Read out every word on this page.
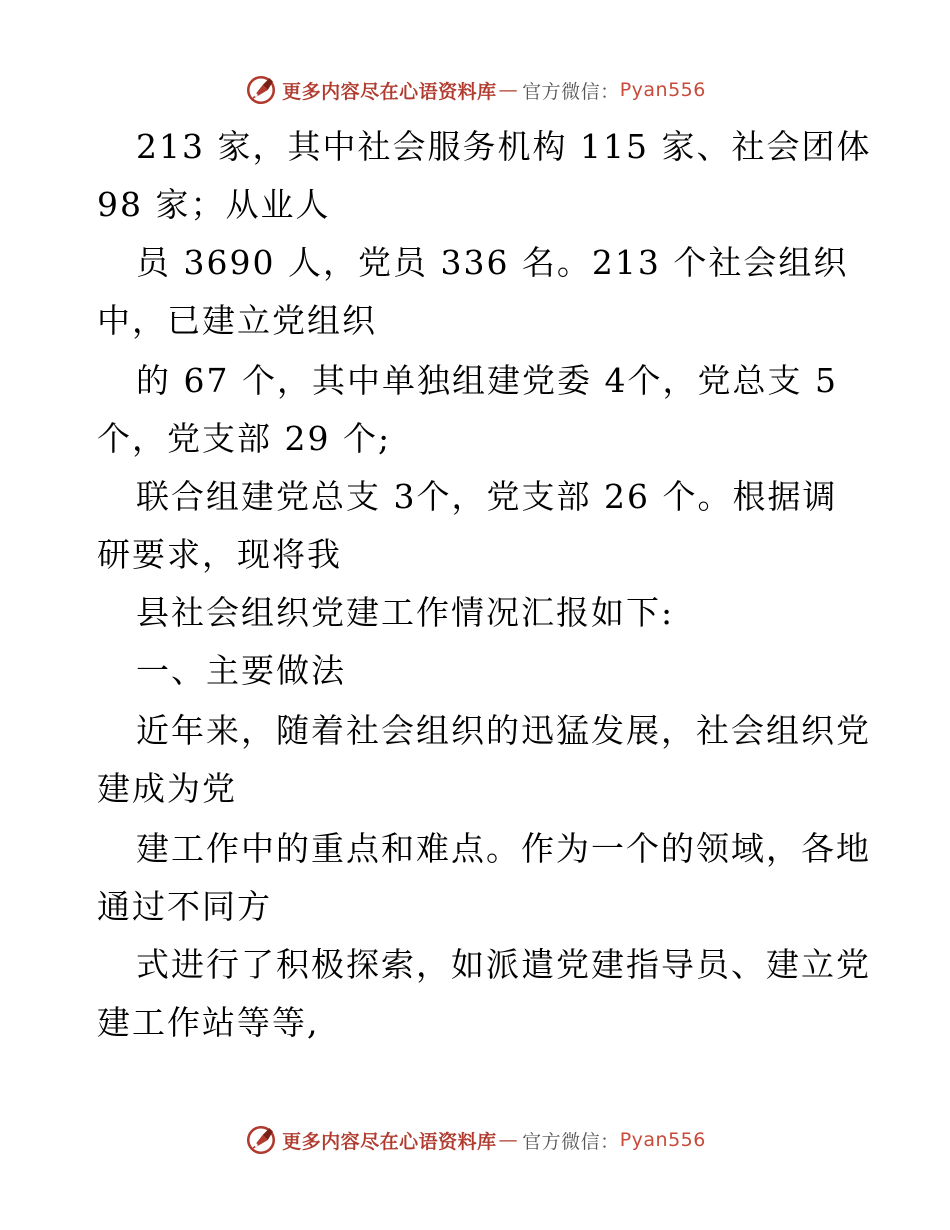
更多内容尽在心语资料库 — 官方微信： Pyan556
213 家，其中社会服务机构 115 家、社会团体
98 家；从业人
员 3690 人，党员 336 名。213 个社会组织
中，已建立党组织
的 67 个，其中单独组建党委 4个，党总支 5
个，党支部 29 个;
联合组建党总支 3个，党支部 26 个。根据调
研要求，现将我
县社会组织党建工作情况汇报如下:
一、主要做法
近年来，随着社会组织的迅猛发展，社会组织党
建成为党
建工作中的重点和难点。作为一个的领域，各地
通过不同方
式进行了积极探索，如派遣党建指导员、建立党
建工作站等等,
更多内容尽在心语资料库 — 官方微信： Pyan556
